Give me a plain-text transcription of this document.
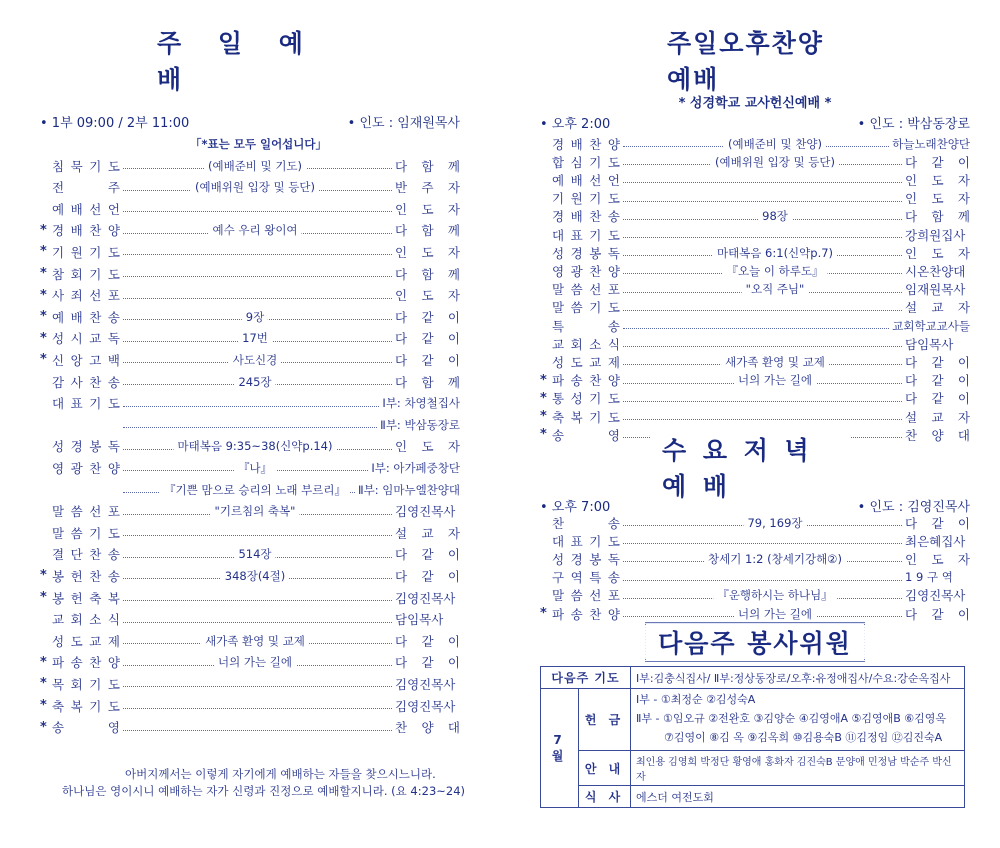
주 일 예 배
• 1부 09:00 / 2부 11:00	• 인도 : 임재원목사
「*표는 모두 일어섭니다」
침 묵 기 도	(예배준비 및 기도)	다 함 께
전	주	(예배위원 입장 및 등단)	반 주 자
예 배 선 언	인 도 자
* 경 배 찬 양	예수 우리 왕이여	다 함 께
* 기 원 기 도	인 도 자
* 참 회 기 도	다 함 께
* 사 죄 선 포	인 도 자
* 예 배 찬 송	9장	다 같 이
* 성 시 교 독	17번	다 같 이
* 신 앙 고 백	사도신경	다 같 이
감 사 찬 송	245장	다 함 께
대 표 기 도	Ⅰ부: 차영철집사
Ⅱ부: 박삼동장로
성 경 봉 독	마태복음 9:35~38(신약p.14)	인 도 자
영 광 찬 양	『나』	Ⅰ부: 아가페중창단
『기쁜 맘으로 승리의 노래 부르리』	Ⅱ부: 임마누엘찬양대
말 씀 선 포	"기르침의 축복"	김영진목사
말 씀 기 도	설 교 자
결 단 찬 송	514장	다 같 이
* 봉 헌 찬 송	348장(4절)	다 같 이
* 봉 헌 축 복	김영진목사
교 회 소 식	담임목사
성 도 교 제	새가족 환영 및 교제	다 같 이
* 파 송 찬 양	너의 가는 길에	다 같 이
* 목 회 기 도	김영진목사
* 축 복 기 도	김영진목사
* 송	영	찬 양 대
아버지께서는 이렇게 자기에게 예배하는 자들을 찾으시느니라.
하나님은 영이시니 예배하는 자가 신령과 진정으로 예배할지니라. (요 4:23~24)
주일오후찬양예배
* 성경학교 교사헌신예배 *
• 오후 2:00	• 인도 : 박삼동장로
경 배 찬 양	(예배준비 및 찬양)	하늘노래찬양단
합 심 기 도	(예배위원 입장 및 등단)	다 같 이
예 배 선 언	인 도 자
기 원 기 도	인 도 자
경 배 찬 송	98장	다 함 께
대 표 기 도	강희원집사
성 경 봉 독	마태복음 6:1(신약p.7)	인 도 자
영 광 찬 양	『오늘 이 하루도』	시온찬양대
말 씀 선 포	"오직 주님"	임재원목사
말 씀 기 도	설 교 자
특	송	교회학교교사들
교 회 소 식	담임목사
성 도 교 제	새가족 환영 및 교제	다 같 이
* 파 송 찬 양	너의 가는 길에	다 같 이
* 통 성 기 도	다 같 이
* 축 복 기 도	설 교 자
* 송	영	찬 양 대
수 요 저 녁 예 배
• 오후 7:00	• 인도 : 김영진목사
찬	송	79, 169장	다 같 이
대 표 기 도	최은혜집사
성 경 봉 독	창세기 1:2 (창세기강해②)	인 도 자
구 역 특 송	1 9 구 역
말 씀 선 포	『운행하시는 하나님』	김영진목사
* 파 송 찬 양	너의 가는 길에	다 같 이
다음주 봉사위원
다음주 기도		Ⅰ부:김충식집사/ Ⅱ부:정상동장로/오후:유정애집사/수요:강순옥집사
7월	헌 금	Ⅰ부 - ①최정순 ②김성숙A
Ⅱ부 - ①임오규 ②전완호 ③김양순 ④김영애A ⑤김영애B ⑥김영옥
⑦김영이 ⑧김 옥 ⑨김옥희 ⑩김용숙B ⑪김정임 ⑫김진숙A

	안 내	최인용 김영희 박정단 황영애 홍화자 김진숙B 문양애 민정남 박순주 박신자
	식 사	에스더 여전도회
